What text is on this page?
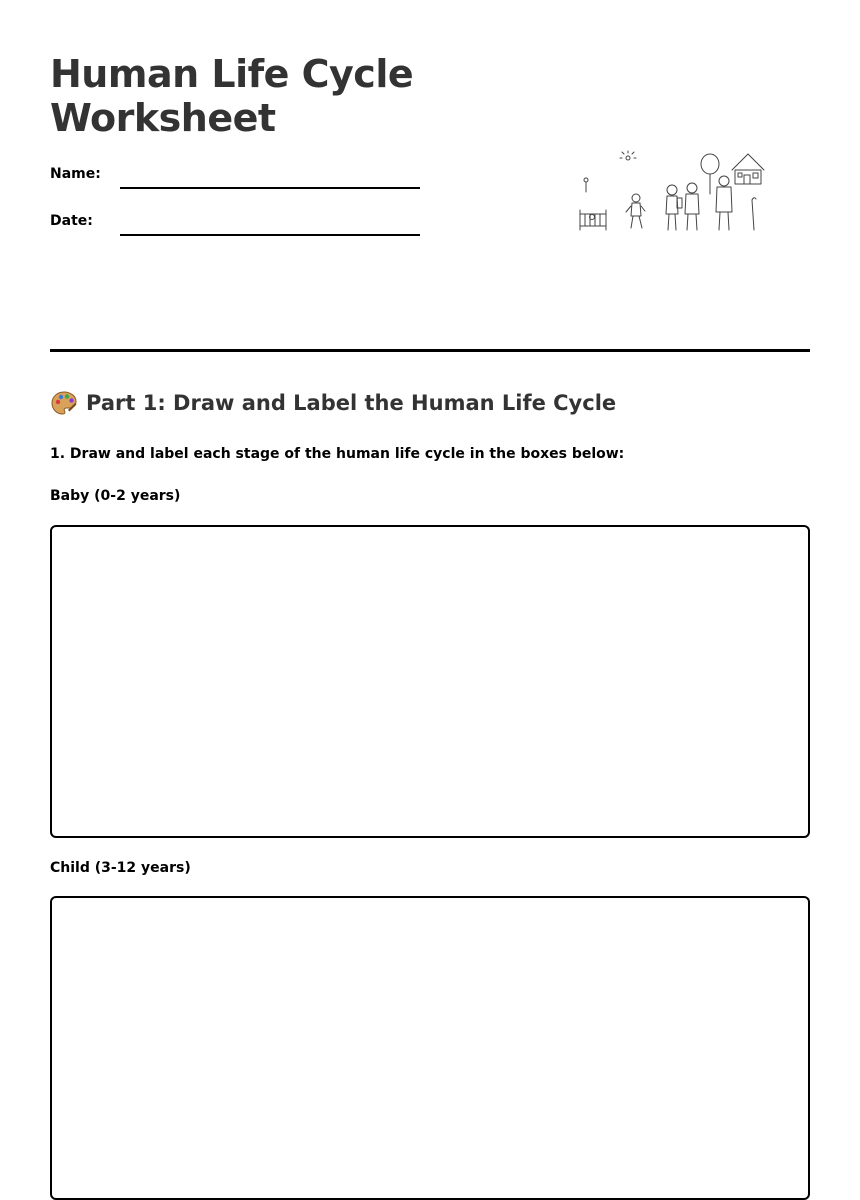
Human Life Cycle Worksheet
Name:
Date:
Part 1: Draw and Label the Human Life Cycle
1. Draw and label each stage of the human life cycle in the boxes below:
Baby (0-2 years)
Child (3-12 years)
